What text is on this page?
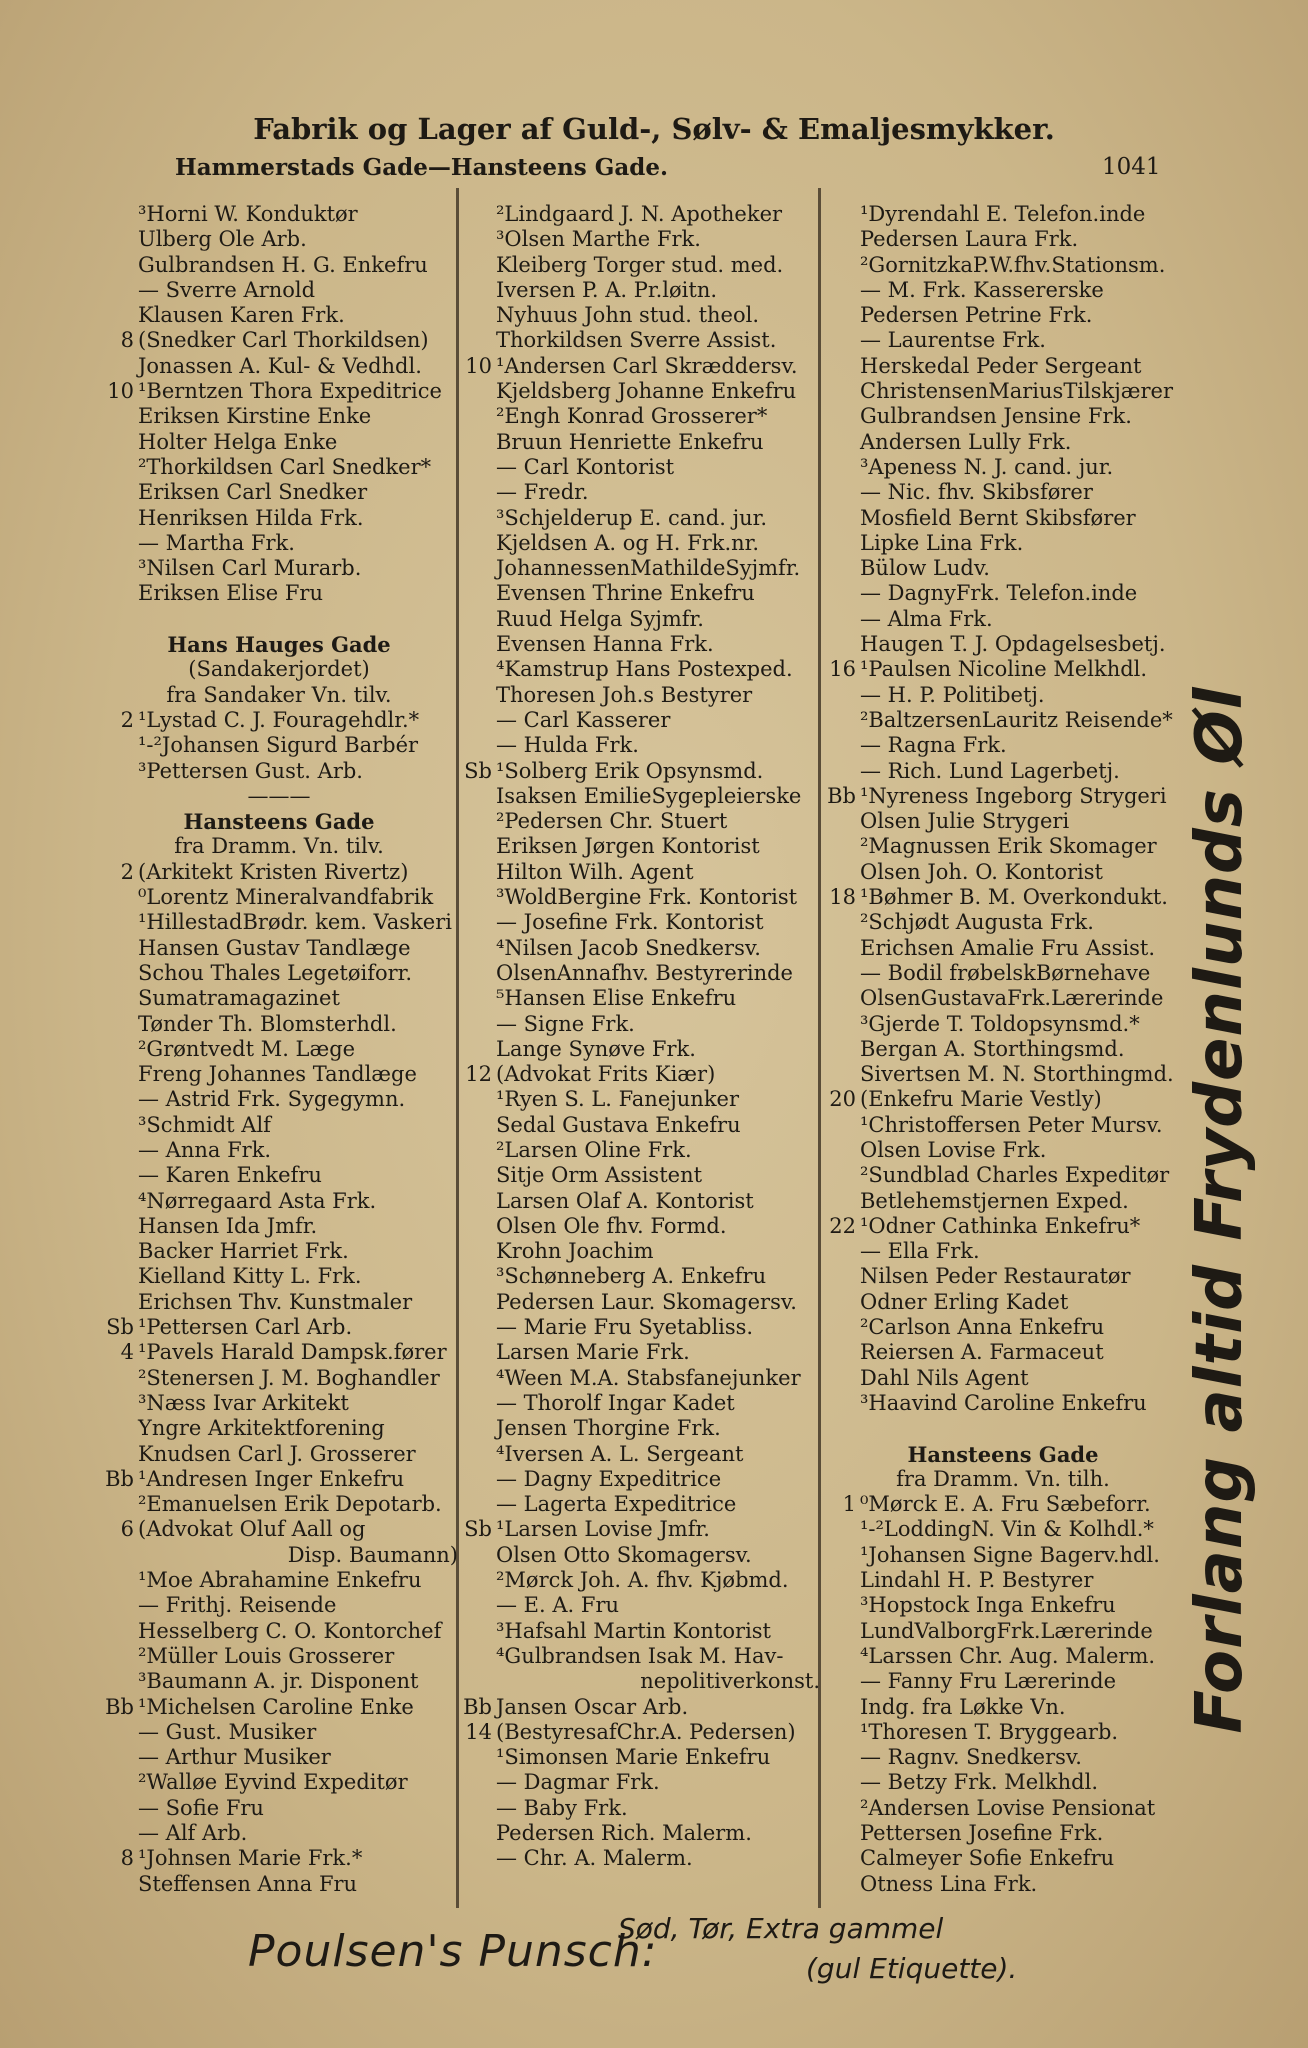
Fabrik og Lager af Guld-, Sølv- & Emaljesmykker.
Hammerstads Gade—Hansteens Gade.	1041
³Horni W. Konduktør
Ulberg Ole Arb.
Gulbrandsen H. G. Enkefru
— Sverre Arnold
Klausen Karen Frk.
8 (Snedker Carl Thorkildsen)
Jonassen A. Kul- & Vedhdl.
10 ¹Berntzen Thora Expeditrice
Eriksen Kirstine Enke
Holter Helga Enke
²Thorkildsen Carl Snedker*
Eriksen Carl Snedker
Henriksen Hilda Frk.
— Martha Frk.
³Nilsen Carl Murarb.
Eriksen Elise Fru
Hans Hauges Gade
(Sandakerjordet)
fra Sandaker Vn. tilv.
2 ¹Lystad C. J. Fouragehdlr.*
¹-²Johansen Sigurd Barbér
³Pettersen Gust. Arb.
———
Hansteens Gade
fra Dramm. Vn. tilv.
2 (Arkitekt Kristen Rivertz)
⁰Lorentz Mineralvandfabrik
¹HillestadBrødr. kem. Vaskeri
Hansen Gustav Tandlæge
Schou Thales Legetøiforr.
Sumatramagazinet
Tønder Th. Blomsterhdl.
²Grøntvedt M. Læge
Freng Johannes Tandlæge
— Astrid Frk. Sygegymn.
³Schmidt Alf
— Anna Frk.
— Karen Enkefru
⁴Nørregaard Asta Frk.
Hansen Ida Jmfr.
Backer Harriet Frk.
Kielland Kitty L. Frk.
Erichsen Thv. Kunstmaler
Sb ¹Pettersen Carl Arb.
4 ¹Pavels Harald Dampsk.fører
²Stenersen J. M. Boghandler
³Næss Ivar Arkitekt
Yngre Arkitektforening
Knudsen Carl J. Grosserer
Bb ¹Andresen Inger Enkefru
²Emanuelsen Erik Depotarb.
6 (Advokat Oluf Aall og
Disp. Baumann)
¹Moe Abrahamine Enkefru
— Frithj. Reisende
Hesselberg C. O. Kontorchef
²Müller Louis Grosserer
³Baumann A. jr. Disponent
Bb ¹Michelsen Caroline Enke
— Gust. Musiker
— Arthur Musiker
²Walløe Eyvind Expeditør
— Sofie Fru
— Alf Arb.
8 ¹Johnsen Marie Frk.*
Steffensen Anna Fru
²Lindgaard J. N. Apotheker
³Olsen Marthe Frk.
Kleiberg Torger stud. med.
Iversen P. A. Pr.løitn.
Nyhuus John stud. theol.
Thorkildsen Sverre Assist.
10 ¹Andersen Carl Skræddersv.
Kjeldsberg Johanne Enkefru
²Engh Konrad Grosserer*
Bruun Henriette Enkefru
— Carl Kontorist
— Fredr.
³Schjelderup E. cand. jur.
Kjeldsen A. og H. Frk.nr.
JohannessenMathildeSyjmfr.
Evensen Thrine Enkefru
Ruud Helga Syjmfr.
Evensen Hanna Frk.
⁴Kamstrup Hans Postexped.
Thoresen Joh.s Bestyrer
— Carl Kasserer
— Hulda Frk.
Sb ¹Solberg Erik Opsynsmd.
Isaksen EmilieSygepleierske
²Pedersen Chr. Stuert
Eriksen Jørgen Kontorist
Hilton Wilh. Agent
³WoldBergine Frk. Kontorist
— Josefine Frk. Kontorist
⁴Nilsen Jacob Snedkersv.
OlsenAnnafhv. Bestyrerinde
⁵Hansen Elise Enkefru
— Signe Frk.
Lange Synøve Frk.
12 (Advokat Frits Kiær)
¹Ryen S. L. Fanejunker
Sedal Gustava Enkefru
²Larsen Oline Frk.
Sitje Orm Assistent
Larsen Olaf A. Kontorist
Olsen Ole fhv. Formd.
Krohn Joachim
³Schønneberg A. Enkefru
Pedersen Laur. Skomagersv.
— Marie Fru Syetabliss.
Larsen Marie Frk.
⁴Ween M.A. Stabsfanejunker
— Thorolf Ingar Kadet
Jensen Thorgine Frk.
⁴Iversen A. L. Sergeant
— Dagny Expeditrice
— Lagerta Expeditrice
Sb ¹Larsen Lovise Jmfr.
Olsen Otto Skomagersv.
²Mørck Joh. A. fhv. Kjøbmd.
— E. A. Fru
³Hafsahl Martin Kontorist
⁴Gulbrandsen Isak M. Hav-
nepolitiverkonst.
Bb Jansen Oscar Arb.
14 (BestyresafChr.A. Pedersen)
¹Simonsen Marie Enkefru
— Dagmar Frk.
— Baby Frk.
Pedersen Rich. Malerm.
— Chr. A. Malerm.
¹Dyrendahl E. Telefon.inde
Pedersen Laura Frk.
²GornitzkaP.W.fhv.Stationsm.
— M. Frk. Kassererske
Pedersen Petrine Frk.
— Laurentse Frk.
Herskedal Peder Sergeant
ChristensenMariusTilskjærer
Gulbrandsen Jensine Frk.
Andersen Lully Frk.
³Apeness N. J. cand. jur.
— Nic. fhv. Skibsfører
Mosfield Bernt Skibsfører
Lipke Lina Frk.
Bülow Ludv.
— DagnyFrk. Telefon.inde
— Alma Frk.
Haugen T. J. Opdagelsesbetj.
16 ¹Paulsen Nicoline Melkhdl.
— H. P. Politibetj.
²BaltzersenLauritz Reisende*
— Ragna Frk.
— Rich. Lund Lagerbetj.
Bb ¹Nyreness Ingeborg Strygeri
Olsen Julie Strygeri
²Magnussen Erik Skomager
Olsen Joh. O. Kontorist
18 ¹Bøhmer B. M. Overkondukt.
²Schjødt Augusta Frk.
Erichsen Amalie Fru Assist.
— Bodil frøbelskBørnehave
OlsenGustavaFrk.Lærerinde
³Gjerde T. Toldopsynsmd.*
Bergan A. Storthingsmd.
Sivertsen M. N. Storthingmd.
20 (Enkefru Marie Vestly)
¹Christoffersen Peter Mursv.
Olsen Lovise Frk.
²Sundblad Charles Expeditør
Betlehemstjernen Exped.
22 ¹Odner Cathinka Enkefru*
— Ella Frk.
Nilsen Peder Restauratør
Odner Erling Kadet
²Carlson Anna Enkefru
Reiersen A. Farmaceut
Dahl Nils Agent
³Haavind Caroline Enkefru
Hansteens Gade
fra Dramm. Vn. tilh.
1 ⁰Mørck E. A. Fru Sæbeforr.
¹-²LoddingN. Vin & Kolhdl.*
¹Johansen Signe Bagerv.hdl.
Lindahl H. P. Bestyrer
³Hopstock Inga Enkefru
LundValborgFrk.Lærerinde
⁴Larssen Chr. Aug. Malerm.
— Fanny Fru Lærerinde
Indg. fra Løkke Vn.
¹Thoresen T. Bryggearb.
— Ragnv. Snedkersv.
— Betzy Frk. Melkhdl.
²Andersen Lovise Pensionat
Pettersen Josefine Frk.
Calmeyer Sofie Enkefru
Otness Lina Frk.
Forlang altid Frydenlunds Øl
Poulsen's Punsch:
Sød, Tør, Extra gammel
(gul Etiquette).
